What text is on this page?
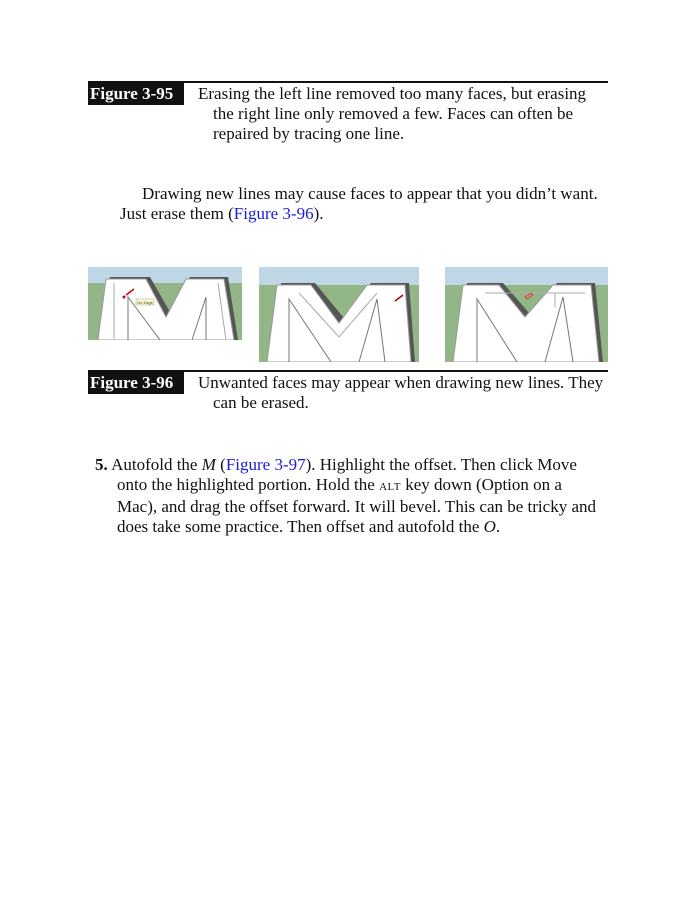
Figure 3-95	Erasing the left line removed too many faces, but erasing
the right line only removed a few. Faces can often be
repaired by tracing one line.
Drawing new lines may cause faces to appear that you didn’t want.
Just erase them (Figure 3-96).
On Edge
Figure 3-96	Unwanted faces may appear when drawing new lines. They
can be erased.
5. Autofold the M (Figure 3-97). Highlight the offset. Then click Move
onto the highlighted portion. Hold the ALT key down (Option on a
Mac), and drag the offset forward. It will bevel. This can be tricky and
does take some practice. Then offset and autofold the O.
